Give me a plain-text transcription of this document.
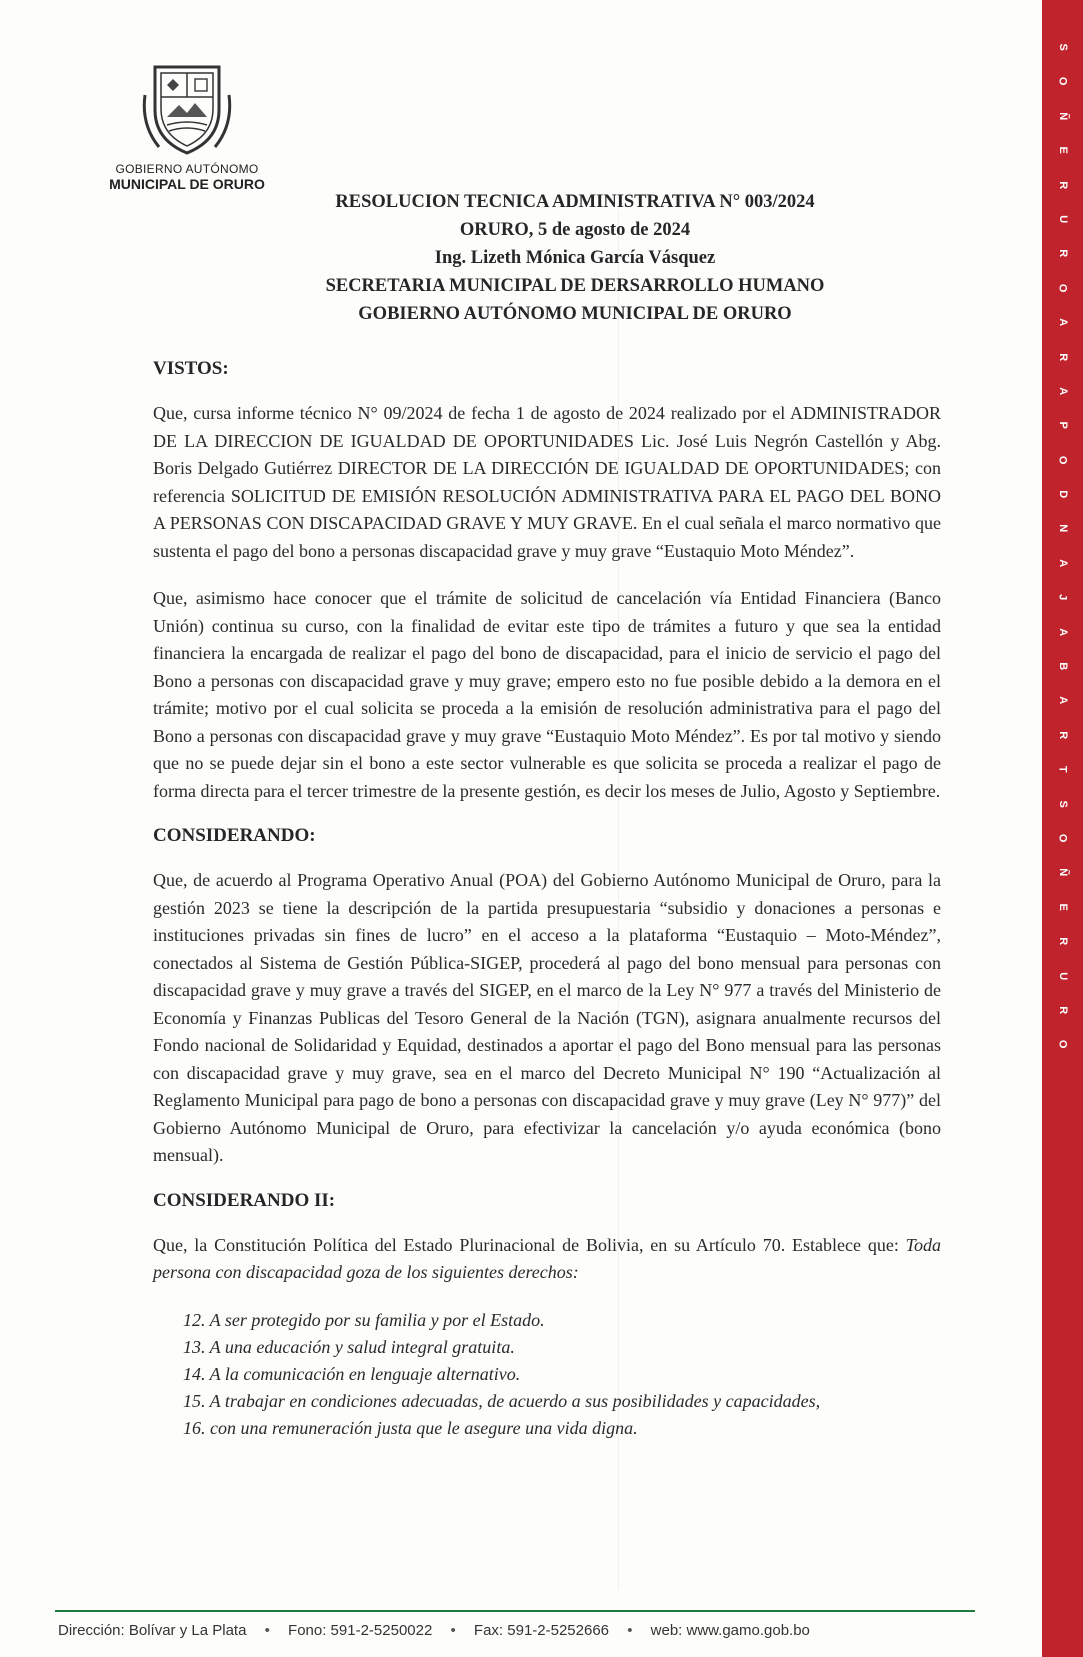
GOBIERNO AUTÓNOMO
MUNICIPAL DE ORURO
RESOLUCION TECNICA ADMINISTRATIVA N° 003/2024
ORURO, 5 de agosto de 2024
Ing. Lizeth Mónica García Vásquez
SECRETARIA MUNICIPAL DE DERSARROLLO HUMANO
GOBIERNO AUTÓNOMO MUNICIPAL DE ORURO
VISTOS:

Que, cursa informe técnico N° 09/2024 de fecha 1 de agosto de 2024 realizado por el ADMINISTRADOR DE LA DIRECCION DE IGUALDAD DE OPORTUNIDADES Lic. José Luis Negrón Castellón y Abg. Boris Delgado Gutiérrez DIRECTOR DE LA DIRECCIÓN DE IGUALDAD DE OPORTUNIDADES; con referencia SOLICITUD DE EMISIÓN RESOLUCIÓN ADMINISTRATIVA PARA EL PAGO DEL BONO A PERSONAS CON DISCAPACIDAD GRAVE Y MUY GRAVE. En el cual señala el marco normativo que sustenta el pago del bono a personas discapacidad grave y muy grave “Eustaquio Moto Méndez”.

Que, asimismo hace conocer que el trámite de solicitud de cancelación vía Entidad Financiera (Banco Unión) continua su curso, con la finalidad de evitar este tipo de trámites a futuro y que sea la entidad financiera la encargada de realizar el pago del bono de discapacidad, para el inicio de servicio el pago del Bono a personas con discapacidad grave y muy grave; empero esto no fue posible debido a la demora en el trámite; motivo por el cual solicita se proceda a la emisión de resolución administrativa para el pago del Bono a personas con discapacidad grave y muy grave “Eustaquio Moto Méndez”. Es por tal motivo y siendo que no se puede dejar sin el bono a este sector vulnerable es que solicita se proceda a realizar el pago de forma directa para el tercer trimestre de la presente gestión, es decir los meses de Julio, Agosto y Septiembre.

CONSIDERANDO:

Que, de acuerdo al Programa Operativo Anual (POA) del Gobierno Autónomo Municipal de Oruro, para la gestión 2023 se tiene la descripción de la partida presupuestaria “subsidio y donaciones a personas e instituciones privadas sin fines de lucro” en el acceso a la plataforma “Eustaquio – Moto-Méndez”, conectados al Sistema de Gestión Pública-SIGEP, procederá al pago del bono mensual para personas con discapacidad grave y muy grave a través del SIGEP, en el marco de la Ley N° 977 a través del Ministerio de Economía y Finanzas Publicas del Tesoro General de la Nación (TGN), asignara anualmente recursos del Fondo nacional de Solidaridad y Equidad, destinados a aportar el pago del Bono mensual para las personas con discapacidad grave y muy grave, sea en el marco del Decreto Municipal N° 190 “Actualización al Reglamento Municipal para pago de bono a personas con discapacidad grave y muy grave (Ley N° 977)” del Gobierno Autónomo Municipal de Oruro, para efectivizar la cancelación y/o ayuda económica (bono mensual).

CONSIDERANDO II:

Que, la Constitución Política del Estado Plurinacional de Bolivia, en su Artículo 70. Establece que: Toda persona con discapacidad goza de los siguientes derechos:

12. A ser protegido por su familia y por el Estado.
13. A una educación y salud integral gratuita.
14. A la comunicación en lenguaje alternativo.
15. A trabajar en condiciones adecuadas, de acuerdo a sus posibilidades y capacidades,
16. con una remuneración justa que le asegure una vida digna.
S
O
Ñ
E
R
U
R
O
A
R
A
P
O
D
N
A
J
A
B
A
R
T
S
O
Ñ
E
R
U
R
O
Dirección: Bolívar y La Plata • Fono: 591-2-5250022 • Fax: 591-2-5252666 • web: www.gamo.gob.bo
